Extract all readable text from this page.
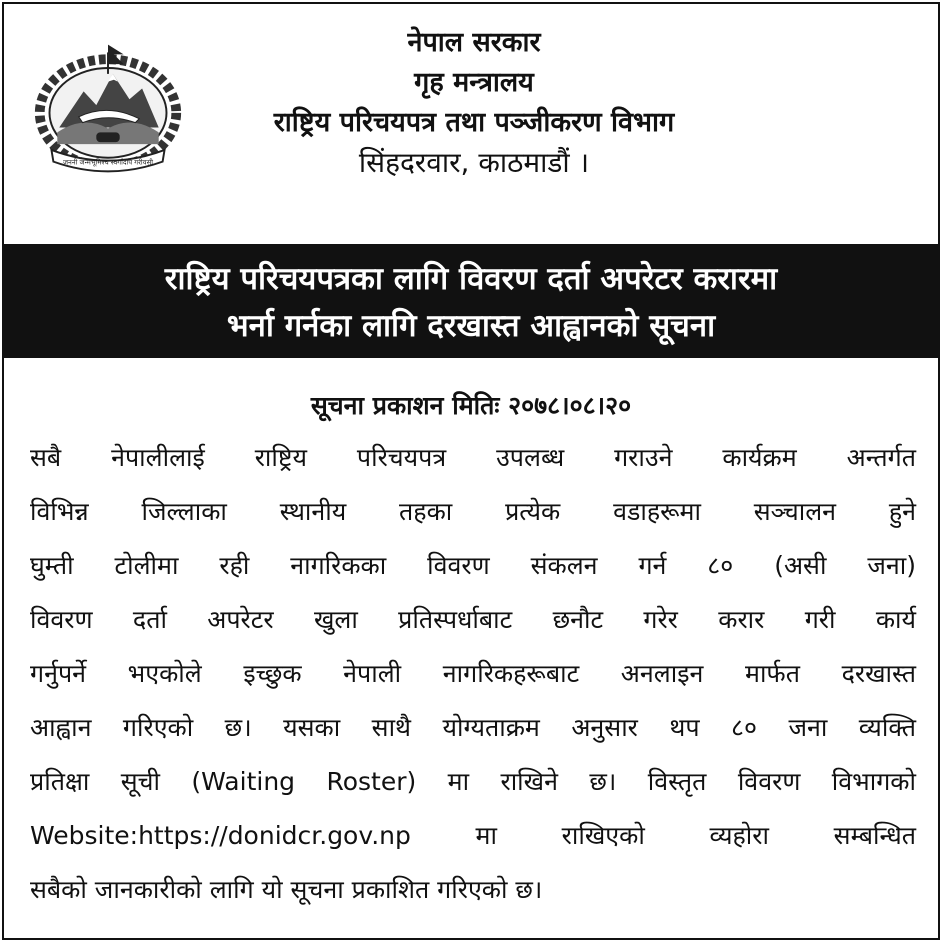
जननी जन्मभूमिश्च स्वर्गादपि गरीयसी
नेपाल सरकार
गृह मन्त्रालय
राष्ट्रिय परिचयपत्र तथा पञ्जीकरण विभाग
सिंहदरवार, काठमाडौं ।
राष्ट्रिय परिचयपत्रका लागि विवरण दर्ता अपरेटर करारमा
भर्ना गर्नका लागि दरखास्त आह्वानको सूचना
सूचना प्रकाशन मितिः २०७८।०८।२०
सबै नेपालीलाई राष्ट्रिय परिचयपत्र उपलब्ध गराउने कार्यक्रम अन्तर्गत
विभिन्न जिल्लाका स्थानीय तहका प्रत्येक वडाहरूमा सञ्चालन हुने
घुम्ती टोलीमा रही नागरिकका विवरण संकलन गर्न ८० (असी जना)
विवरण दर्ता अपरेटर खुला प्रतिस्पर्धाबाट छनौट गरेर करार गरी कार्य
गर्नुपर्ने भएकोले इच्छुक नेपाली नागरिकहरूबाट अनलाइन मार्फत दरखास्त
आह्वान गरिएको छ। यसका साथै योग्यताक्रम अनुसार थप ८० जना व्यक्ति
प्रतिक्षा सूची (Waiting Roster) मा राखिने छ। विस्तृत विवरण विभागको
Website:https://donidcr.gov.np मा राखिएको व्यहोरा सम्बन्धित
सबैको जानकारीको लागि यो सूचना प्रकाशित गरिएको छ।
